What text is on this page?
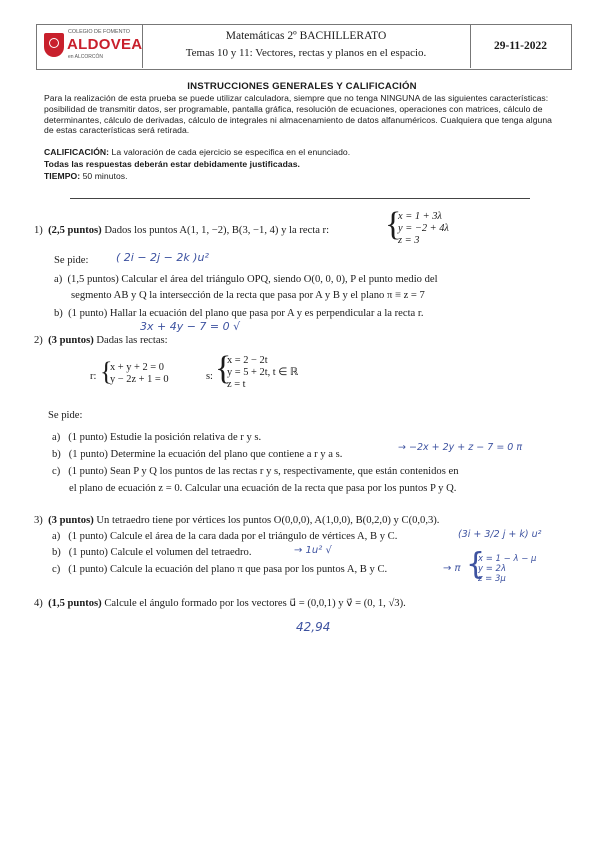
COLEGIO DE FOMENTO
ALDOVEA
en ALCORCÓN
Matemáticas 2º BACHILLERATO
Temas 10 y 11: Vectores, rectas y planos en el espacio.
29-11-2022
INSTRUCCIONES GENERALES Y CALIFICACIÓN
Para la realización de esta prueba se puede utilizar calculadora, siempre que no tenga NINGUNA de las siguientes características: posibilidad de transmitir datos, ser programable, pantalla gráfica, resolución de ecuaciones, operaciones con matrices, cálculo de determinantes, cálculo de derivadas, cálculo de integrales ni almacenamiento de datos alfanuméricos. Cualquiera que tenga alguna de estas características será retirada.
CALIFICACIÓN: La valoración de cada ejercicio se especifica en el enunciado.
Todas las respuestas deberán estar debidamente justificadas.
TIEMPO: 50 minutos.
1) (2,5 puntos) Dados los puntos A(1, 1, −2), B(3, −1, 4) y la recta r: {
x = 1 + 3λ
y = −2 + 4λ
z = 3
Se pide:	( 2i − 2j − 2k )u²
a) (1,5 puntos) Calcular el área del triángulo OPQ, siendo O(0, 0, 0), P el punto medio del
segmento AB y Q la intersección de la recta que pasa por A y B y el plano π ≡ z = 7
b) (1 punto) Hallar la ecuación del plano que pasa por A y es perpendicular a la recta r.
3x + 4y − 7 = 0 √
2) (3 puntos) Dadas las rectas:
r: {
x + y + 2 = 0
y − 2z + 1 = 0	s: {
x = 2 − 2t
y = 5 + 2t, t ∈ ℝ
z = t
Se pide:
a) (1 punto) Estudie la posición relativa de r y s.
b) (1 punto) Determine la ecuación del plano que contiene a r y a s.
→ −2x + 2y + z − 7 = 0 π
c) (1 punto) Sean P y Q los puntos de las rectas r y s, respectivamente, que están contenidos en
el plano de ecuación z = 0. Calcular una ecuación de la recta que pasa por los puntos P y Q.
3) (3 puntos) Un tetraedro tiene por vértices los puntos O(0,0,0), A(1,0,0), B(0,2,0) y C(0,0,3).
a) (1 punto) Calcule el área de la cara dada por el triángulo de vértices A, B y C.	(3i + 3/2 j + k) u²
b) (1 punto) Calcule el volumen del tetraedro.	→ 1u² √
c) (1 punto) Calcule la ecuación del plano π que pasa por los puntos A, B y C.	→ π {
x = 1 − λ − μ
y = 2λ
z = 3μ
4) (1,5 puntos) Calcule el ángulo formado por los vectores u⃗ = (0,0,1) y v⃗ = (0, 1, √3).
42,94
